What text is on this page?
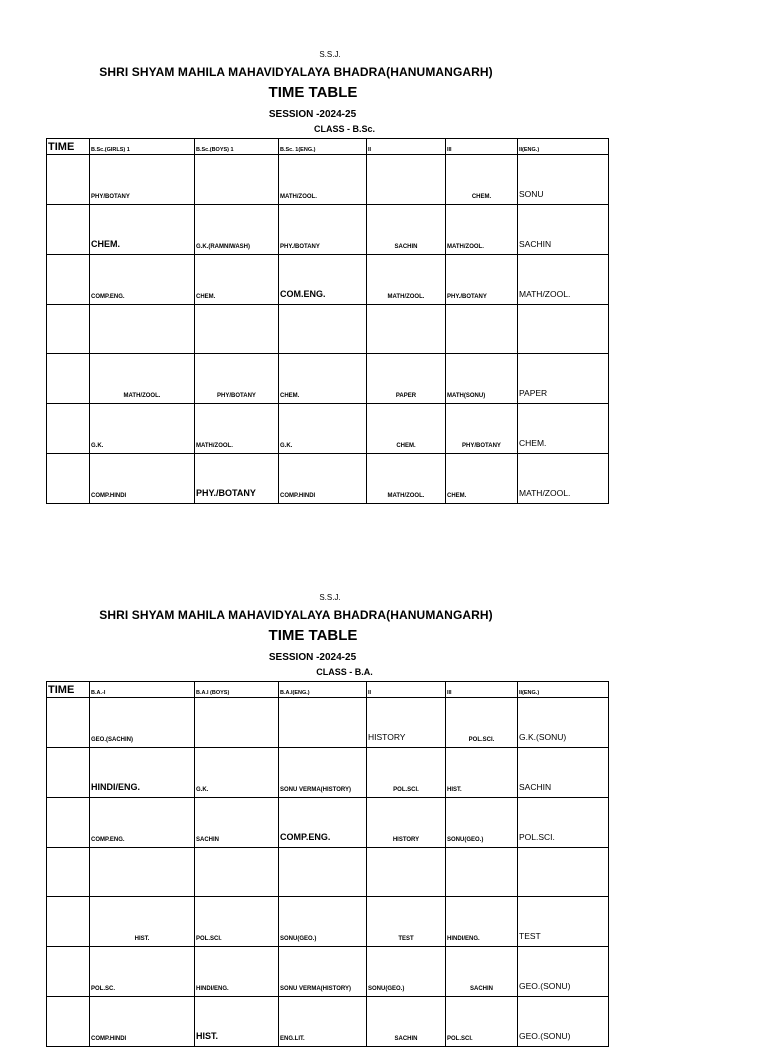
S.S.J.
SHRI SHYAM MAHILA MAHAVIDYALAYA BHADRA(HANUMANGARH)
TIME TABLE
SESSION -2024-25
CLASS - B.Sc.
TIME	B.Sc.(GIRLS) 1	B.Sc.(BOYS) 1	B.Sc. 1(ENG.)	II	III	II(ENG.)
	PHY/BOTANY		MATH/ZOOL.		CHEM.	SONU
	CHEM.	G.K.(RAMNIWASH)	PHY./BOTANY	SACHIN	MATH/ZOOL.	SACHIN
	COMP.ENG.	CHEM.	COM.ENG.	MATH/ZOOL.	PHY./BOTANY	MATH/ZOOL.

	MATH/ZOOL.	PHY/BOTANY	CHEM.	PAPER	MATH(SONU)	PAPER
	G.K.	MATH/ZOOL.	G.K.	CHEM.	PHY/BOTANY	CHEM.
	COMP.HINDI	PHY./BOTANY	COMP.HINDI	MATH/ZOOL.	CHEM.	MATH/ZOOL.
S.S.J.
SHRI SHYAM MAHILA MAHAVIDYALAYA BHADRA(HANUMANGARH)
TIME TABLE
SESSION -2024-25
CLASS - B.A.
TIME	B.A.-I	B.A.I (BOYS)	B.A.I(ENG.)	II	III	II(ENG.)
	GEO.(SACHIN)			HISTORY	POL.SCI.	G.K.(SONU)
	HINDI/ENG.	G.K.	SONU VERMA(HISTORY)	POL.SCI.	HIST.	SACHIN
	COMP.ENG.	SACHIN	COMP.ENG.	HISTORY	SONU(GEO.)	POL.SCI.

	HIST.	POL.SCI.	SONU(GEO.)	TEST	HINDI/ENG.	TEST
	POL.SC.	HINDI/ENG.	SONU VERMA(HISTORY)	SONU(GEO.)	SACHIN	GEO.(SONU)
	COMP.HINDI	HIST.	ENG.LIT.	SACHIN	POL.SCI.	GEO.(SONU)
